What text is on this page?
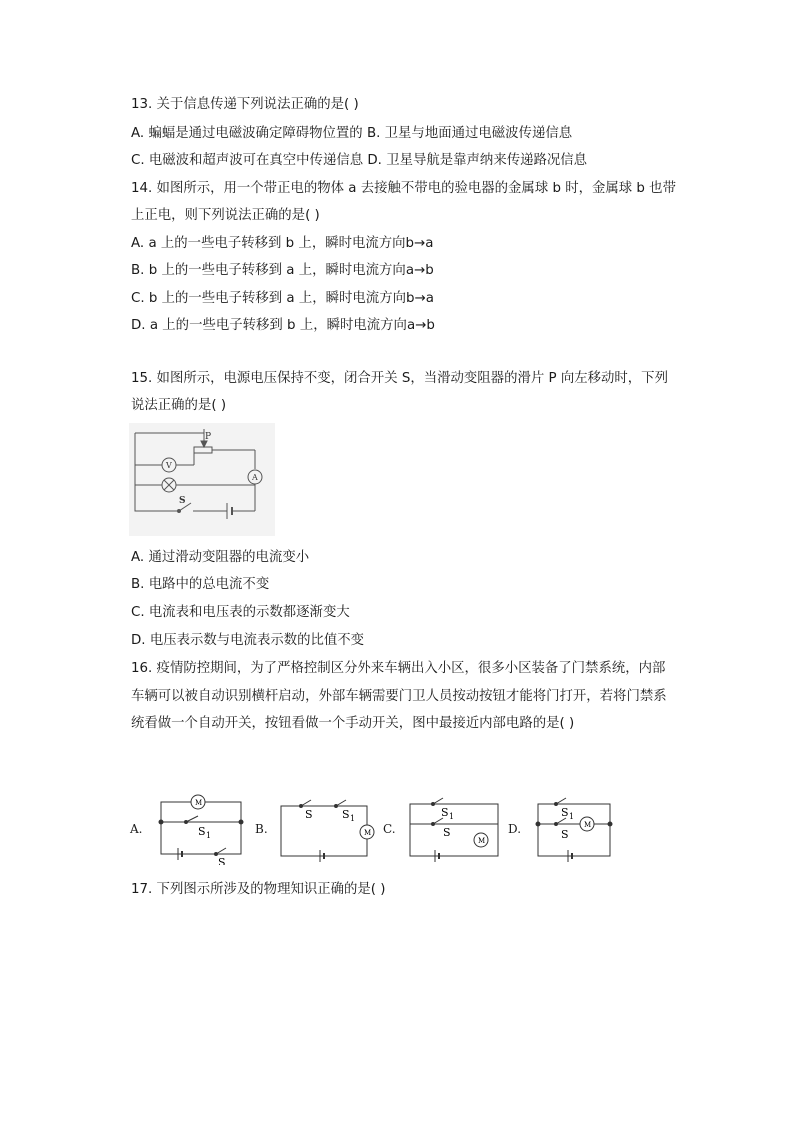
13. 关于信息传递下列说法正确的是( )
A. 蝙蝠是通过电磁波确定障碍物位置的 B. 卫星与地面通过电磁波传递信息
C. 电磁波和超声波可在真空中传递信息 D. 卫星导航是靠声纳来传递路况信息
14. 如图所示，用一个带正电的物体 a 去接触不带电的验电器的金属球 b 时，金属球 b 也带
上正电，则下列说法正确的是( )
A. a 上的一些电子转移到 b 上，瞬时电流方向b→a
B. b 上的一些电子转移到 a 上，瞬时电流方向a→b
C. b 上的一些电子转移到 a 上，瞬时电流方向b→a
D. a 上的一些电子转移到 b 上，瞬时电流方向a→b
15. 如图所示，电源电压保持不变，闭合开关 S，当滑动变阻器的滑片 P 向左移动时，下列
说法正确的是( )
P
V
A
S
A. 通过滑动变阻器的电流变小
B. 电路中的总电流不变
C. 电流表和电压表的示数都逐渐变大
D. 电压表示数与电流表示数的比值不变
16. 疫情防控期间，为了严格控制区分外来车辆出入小区，很多小区装备了门禁系统，内部
车辆可以被自动识别横杆启动，外部车辆需要门卫人员按动按钮才能将门打开，若将门禁系
统看做一个自动开关，按钮看做一个手动开关，图中最接近内部电路的是( )
A.	B.	C.	D.
M
S 1
S
S	S 1
M
S 1
S
M
S 1
S
M
17. 下列图示所涉及的物理知识正确的是( )
